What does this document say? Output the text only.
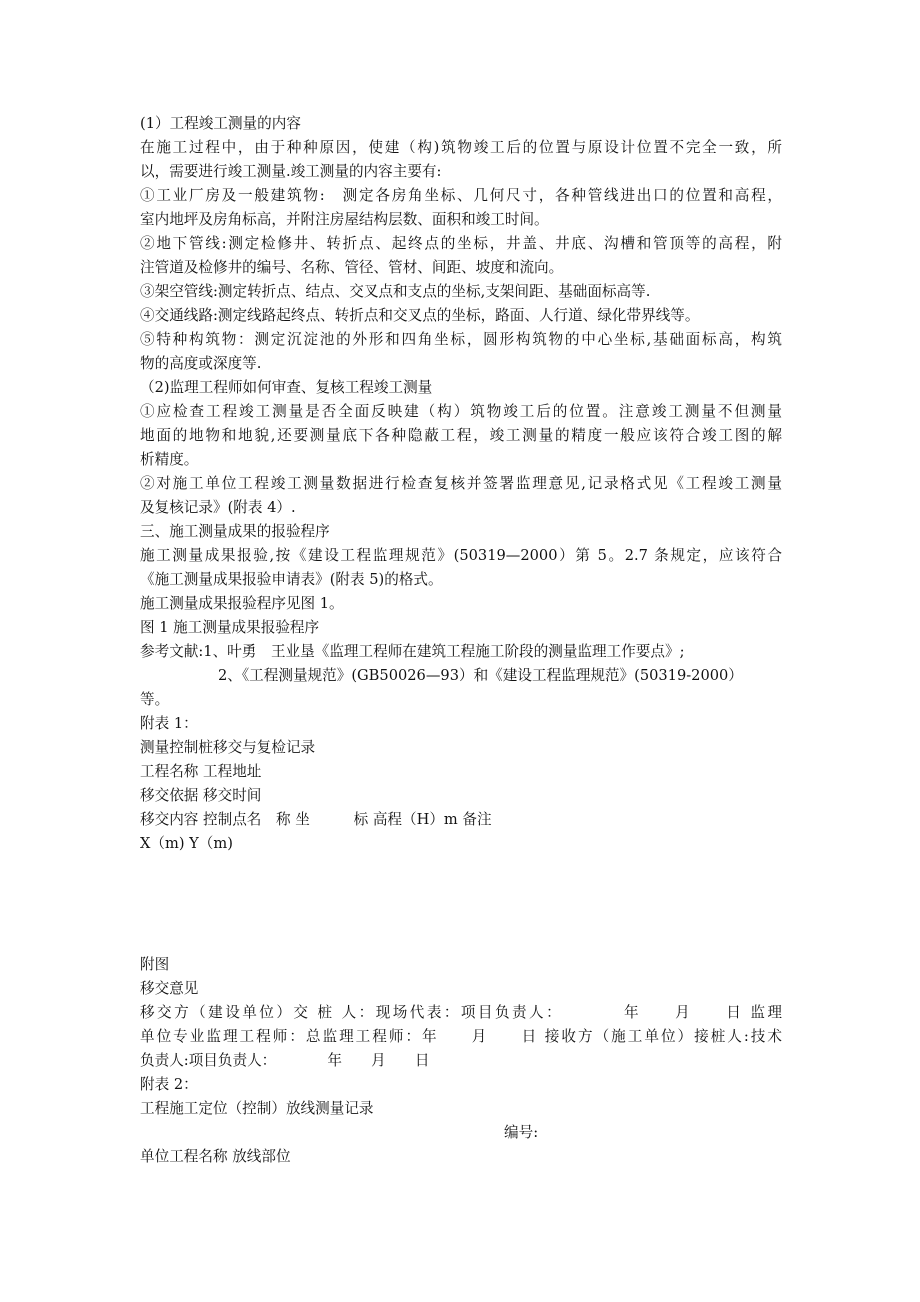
(1）工程竣工测量的内容
在施工过程中，由于种种原因，使建（构)筑物竣工后的位置与原设计位置不完全一致，所
以，需要进行竣工测量.竣工测量的内容主要有:
①工业厂房及一般建筑物:　测定各房角坐标、几何尺寸，各种管线进出口的位置和高程，
室内地坪及房角标高，并附注房屋结构层数、面积和竣工时间。
②地下管线:测定检修井、转折点、起终点的坐标，井盖、井底、沟槽和管顶等的高程，附
注管道及检修井的编号、名称、管径、管材、间距、坡度和流向。
③架空管线:测定转折点、结点、交叉点和支点的坐标,支架间距、基础面标高等.
④交通线路:测定线路起终点、转折点和交叉点的坐标，路面、人行道、绿化带界线等。
⑤特种构筑物：测定沉淀池的外形和四角坐标，圆形构筑物的中心坐标,基础面标高，构筑
物的高度或深度等.
（2)监理工程师如何审查、复核工程竣工测量
①应检查工程竣工测量是否全面反映建（构）筑物竣工后的位置。注意竣工测量不但测量
地面的地物和地貌,还要测量底下各种隐蔽工程，竣工测量的精度一般应该符合竣工图的解
析精度。
②对施工单位工程竣工测量数据进行检查复核并签署监理意见,记录格式见《工程竣工测量
及复核记录》(附表 4）.
三、施工测量成果的报验程序
施工测量成果报验,按《建设工程监理规范》(50319—2000）第 5。2.7 条规定，应该符合
《施工测量成果报验申请表》(附表 5)的格式。
施工测量成果报验程序见图 1。
图 1 施工测量成果报验程序
参考文献:1、叶勇　王业垦《监理工程师在建筑工程施工阶段的测量监理工作要点》;
2、《工程测量规范》(GB50026—93）和《建设工程监理规范》(50319-2000）
等。
附表 1：
测量控制桩移交与复检记录
工程名称 工程地址
移交依据 移交时间
移交内容 控制点名　称 坐　　　标 高程（H）m 备注
X（m) Y（m)
附图
移交意见
移交方（建设单位）交 桩 人：现场代表：项目负责人：　　　　年　　月　　日 监理
单位专业监理工程师：总监理工程师：年　　月　　日 接收方（施工单位）接桩人:技术
负责人:项目负责人：　　　　年　　月　　日
附表 2：
工程施工定位（控制）放线测量记录
编号:
单位工程名称 放线部位
